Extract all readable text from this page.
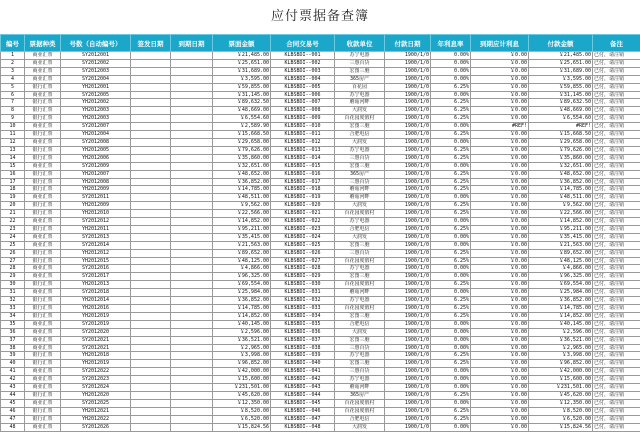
应付票据备查簿
编号	票据种类	号数（自动编号）	签发日期	到期日期	票面金额	合同交易号	收款单位	付款日期	年利息率	到期应计利息	付款金额	备注
1	商业汇票	SY2012001			￥21,485.00	KLBSBDI--001	苏宁电器	1900/1/0	0.00%	￥0.00	￥21,485.00	已付，请注销
2	商业汇票	SY2012002			￥25,651.00	KLBSBDI--002	三惠百货	1900/1/0	0.00%	￥0.00	￥25,651.00	已付，请注销
3	商业汇票	SY2012003			￥31,689.00	KLBSBDI--003	宏图三胞	1900/1/0	0.00%	￥0.00	￥31,689.00	已付，请注销
4	商业汇票	SY2012004			￥3,595.00	KLBSBDI--004	365房产	1900/1/0	0.00%	￥0.00	￥3,595.00	已付，请注销
5	银行汇票	YH2012001			￥59,855.00	KLBSBDI--005	百花园	1900/1/0	6.25%	￥0.00	￥59,855.00	已付，请注销
6	商业汇票	SY2012005			￥31,145.00	KLBSBDI--006	苏宁电器	1900/1/0	0.00%	￥0.00	￥31,145.00	已付，请注销
7	银行汇票	YH2012002			￥89,632.50	KLBSBDI--007	蘑菇河畔	1900/1/0	6.25%	￥0.00	￥89,632.50	已付，请注销
8	银行汇票	YH2012003			￥48,669.00	KLBSBDI--008	大润发	1900/1/0	6.25%	￥0.00	￥48,669.00	已付，请注销
9	银行汇票	YH2012003			￥6,554.60	KLBSBDI--009	百花园度假村	1900/1/0	6.25%	￥0.00	￥6,554.60	已付，请注销
10	商业汇票	SY2012007			￥2,589.90	KLBSBDI--010	宏图三胞	1900/1/0	0.00%	#REF!	#REF!	已付，请注销
11	银行汇票	YH2012004			￥15,668.50	KLBSBDI--011	合肥电信	1900/1/0	6.25%	￥0.00	￥15,668.50	已付，请注销
12	商业汇票	SY2012008			￥29,658.00	KLBSBDI--012	大润发	1900/1/0	0.00%	￥0.00	￥29,658.00	已付，请注销
13	银行汇票	YH2012005			￥79,626.00	KLBSBDI--013	苏宁电器	1900/1/0	6.25%	￥0.00	￥79,626.00	已付，请注销
14	银行汇票	YH2012006			￥35,860.00	KLBSBDI--014	三惠百货	1900/1/0	6.25%	￥0.00	￥35,860.00	已付，请注销
15	商业汇票	SY2012009			￥32,651.00	KLBSBDI--015	宏图三胞	1900/1/0	0.00%	￥0.00	￥32,651.00	已付，请注销
16	银行汇票	YH2012007			￥48,652.00	KLBSBDI--016	365房产	1900/1/0	6.25%	￥0.00	￥48,652.00	已付，请注销
17	银行汇票	YH2012008			￥36,852.00	KLBSBDI--017	三惠百货	1900/1/0	6.25%	￥0.00	￥36,852.00	已付，请注销
18	银行汇票	YH2012009			￥14,785.00	KLBSBDI--018	蘑菇河畔	1900/1/0	6.25%	￥0.00	￥14,785.00	已付，请注销
19	商业汇票	SY2012011			￥48,511.00	KLBSBDI--019	蘑菇河畔	1900/1/0	0.00%	￥0.00	￥48,511.00	已付，请注销
20	银行汇票	YH2012009			￥9,562.00	KLBSBDI--020	大润发	1900/1/0	6.25%	￥0.00	￥9,562.00	已付，请注销
21	银行汇票	YH2012010			￥22,566.00	KLBSBDI--021	百花园度假村	1900/1/0	6.25%	￥0.00	￥22,566.00	已付，请注销
22	商业汇票	SY2012012			￥14,852.00	KLBSBDI--022	苏宁电器	1900/1/0	0.00%	￥0.00	￥14,852.00	已付，请注销
23	银行汇票	YH2012011			￥95,211.00	KLBSBDI--023	合肥电信	1900/1/0	6.25%	￥0.00	￥95,211.00	已付，请注销
24	商业汇票	SY2012013			￥35,415.00	KLBSBDI--024	大润发	1900/1/0	0.00%	￥0.00	￥35,415.00	已付，请注销
25	商业汇票	SY2012014			￥21,563.00	KLBSBDI--025	宏图三胞	1900/1/0	0.00%	￥0.00	￥21,563.00	已付，请注销
26	银行汇票	YH2012012			￥89,652.00	KLBSBDI--026	三惠百货	1900/1/0	6.25%	￥0.00	￥89,652.00	已付，请注销
27	银行汇票	YH2012015			￥48,125.00	KLBSBDI--027	百花园度假村	1900/1/0	6.25%	￥0.00	￥48,125.00	已付，请注销
28	商业汇票	SY2012016			￥4,866.00	KLBSBDI--028	苏宁电器	1900/1/0	0.00%	￥0.00	￥4,866.00	已付，请注销
29	商业汇票	SY2012017			￥96,325.00	KLBSBDI--029	宏图三胞	1900/1/0	0.00%	￥0.00	￥96,325.00	已付，请注销
30	银行汇票	YH2012013			￥69,554.00	KLBSBDI--030	百花园度假村	1900/1/0	6.25%	￥0.00	￥69,554.00	已付，请注销
31	商业汇票	SY2012018			￥25,984.00	KLBSBDI--031	蘑菇河畔	1900/1/0	0.00%	￥0.00	￥25,984.00	已付，请注销
32	银行汇票	YH2012014			￥36,852.00	KLBSBDI--032	苏宁电器	1900/1/0	6.25%	￥0.00	￥36,852.00	已付，请注销
33	银行汇票	YH2012016			￥14,785.00	KLBSBDI--033	百花园度假村	1900/1/0	6.25%	￥0.00	￥14,785.00	已付，请注销
34	银行汇票	YH2012019			￥14,852.00	KLBSBDI--034	宏图三胞	1900/1/0	6.25%	￥0.00	￥14,852.00	已付，请注销
35	商业汇票	SY2012019			￥40,145.00	KLBSBDI--035	合肥电信	1900/1/0	0.00%	￥0.00	￥40,145.00	已付，请注销
36	商业汇票	SY2012020			￥2,596.00	KLBSBDI--036	大润发	1900/1/0	0.00%	￥0.00	￥2,596.00	已付，请注销
37	商业汇票	SY2012021			￥36,521.00	KLBSBDI--037	宏图三胞	1900/1/0	0.00%	￥0.00	￥36,521.00	已付，请注销
38	商业汇票	SY2012021			￥2,965.00	KLBSBDI--038	三惠百货	1900/1/0	0.00%	￥0.00	￥2,965.00	已付，请注销
39	银行汇票	YH2012018			￥3,998.00	KLBSBDI--039	苏宁电器	1900/1/0	6.25%	￥0.00	￥3,998.00	已付，请注销
40	银行汇票	YH2012019			￥96,852.00	KLBSBDI--040	宏图三胞	1900/1/0	6.25%	￥0.00	￥96,852.00	已付，请注销
41	商业汇票	SY2012022			￥42,000.00	KLBSBDI--041	三惠百货	1900/1/0	0.00%	￥0.00	￥42,000.00	已付，请注销
42	商业汇票	SY2012023			￥15,600.00	KLBSBDI--042	苏宁电器	1900/1/0	0.00%	￥0.00	￥15,600.00	已付，请注销
43	商业汇票	SY2012024			￥231,501.00	KLBSBDI--043	蘑菇河畔	1900/1/0	0.00%	￥0.00	￥231,501.00	已付，请注销
44	银行汇票	YH2012020			￥45,620.00	KLBSBDI--044	365房产	1900/1/0	6.25%	￥0.00	￥45,620.00	已付，请注销
45	商业汇票	SY2012025			￥12,350.00	KLBSBDI--045	百花园度假村	1900/1/0	0.00%	￥0.00	￥12,350.00	已付，请注销
46	银行汇票	YH2012021			￥8,520.00	KLBSBDI--046	百花园度假村	1900/1/0	6.25%	￥0.00	￥8,520.00	已付，请注销
47	银行汇票	YH2012022			￥6,520.00	KLBSBDI--047	合肥电信	1900/1/0	6.25%	￥0.00	￥6,520.00	已付，请注销
48	商业汇票	SY2012026			￥15,824.56	KLBSBDI--048	大润发	1900/1/0	0.00%	￥0.00	￥15,824.56	已付，请注销
